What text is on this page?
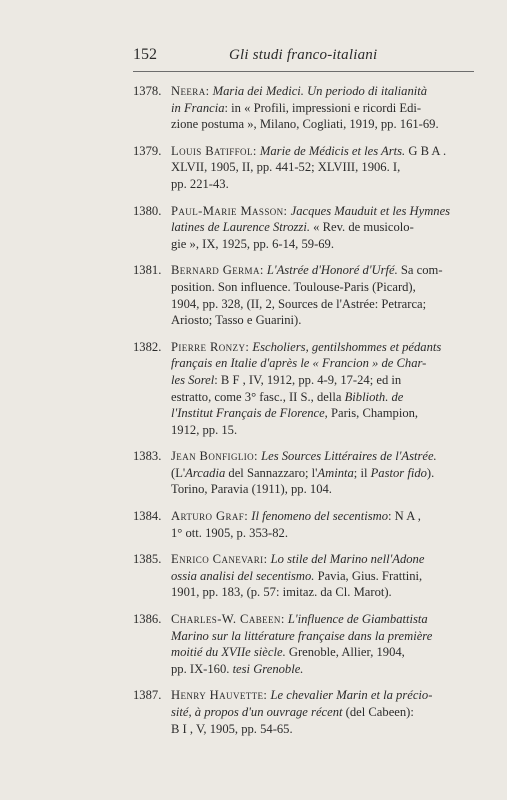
152	Gli studi franco-italiani
1378. Neera: Maria dei Medici. Un periodo di italianità
in Francia: in « Profili, impressioni e ricordi Edi-
zione postuma », Milano, Cogliati, 1919, pp. 161-69.
1379. Louis Batiffol: Marie de Médicis et les Arts. G B A .
XLVII, 1905, II, pp. 441-52; XLVIII, 1906. I,
pp. 221-43.
1380. Paul-Marie Masson: Jacques Mauduit et les Hymnes
latines de Laurence Strozzi. « Rev. de musicolo-
gie », IX, 1925, pp. 6-14, 59-69.
1381. Bernard Germa: L'Astrée d'Honoré d'Urfé. Sa com-
position. Son influence. Toulouse-Paris (Picard),
1904, pp. 328, (II, 2, Sources de l'Astrée: Petrarca;
Ariosto; Tasso e Guarini).
1382. Pierre Ronzy: Escholiers, gentilshommes et pédants
français en Italie d'après le « Francion » de Char-
les Sorel: B F , IV, 1912, pp. 4-9, 17-24; ed in
estratto, come 3° fasc., II S., della Biblioth. de
l'Institut Français de Florence, Paris, Champion,
1912, pp. 15.
1383. Jean Bonfiglio: Les Sources Littéraires de l'Astrée.
(L'Arcadia del Sannazzaro; l'Aminta; il Pastor fido).
Torino, Paravia (1911), pp. 104.
1384. Arturo Graf: Il fenomeno del secentismo: N A ,
1° ott. 1905, p. 353-82.
1385. Enrico Canevari: Lo stile del Marino nell'Adone
ossia analisi del secentismo. Pavia, Gius. Frattini,
1901, pp. 183, (p. 57: imitaz. da Cl. Marot).
1386. Charles-W. Cabeen: L'influence de Giambattista
Marino sur la littérature française dans la première
moitié du XVIIe siècle. Grenoble, Allier, 1904,
pp. IX-160. tesi Grenoble.
1387. Henry Hauvette: Le chevalier Marin et la précio-
sité, à propos d'un ouvrage récent (del Cabeen):
B I , V, 1905, pp. 54-65.
